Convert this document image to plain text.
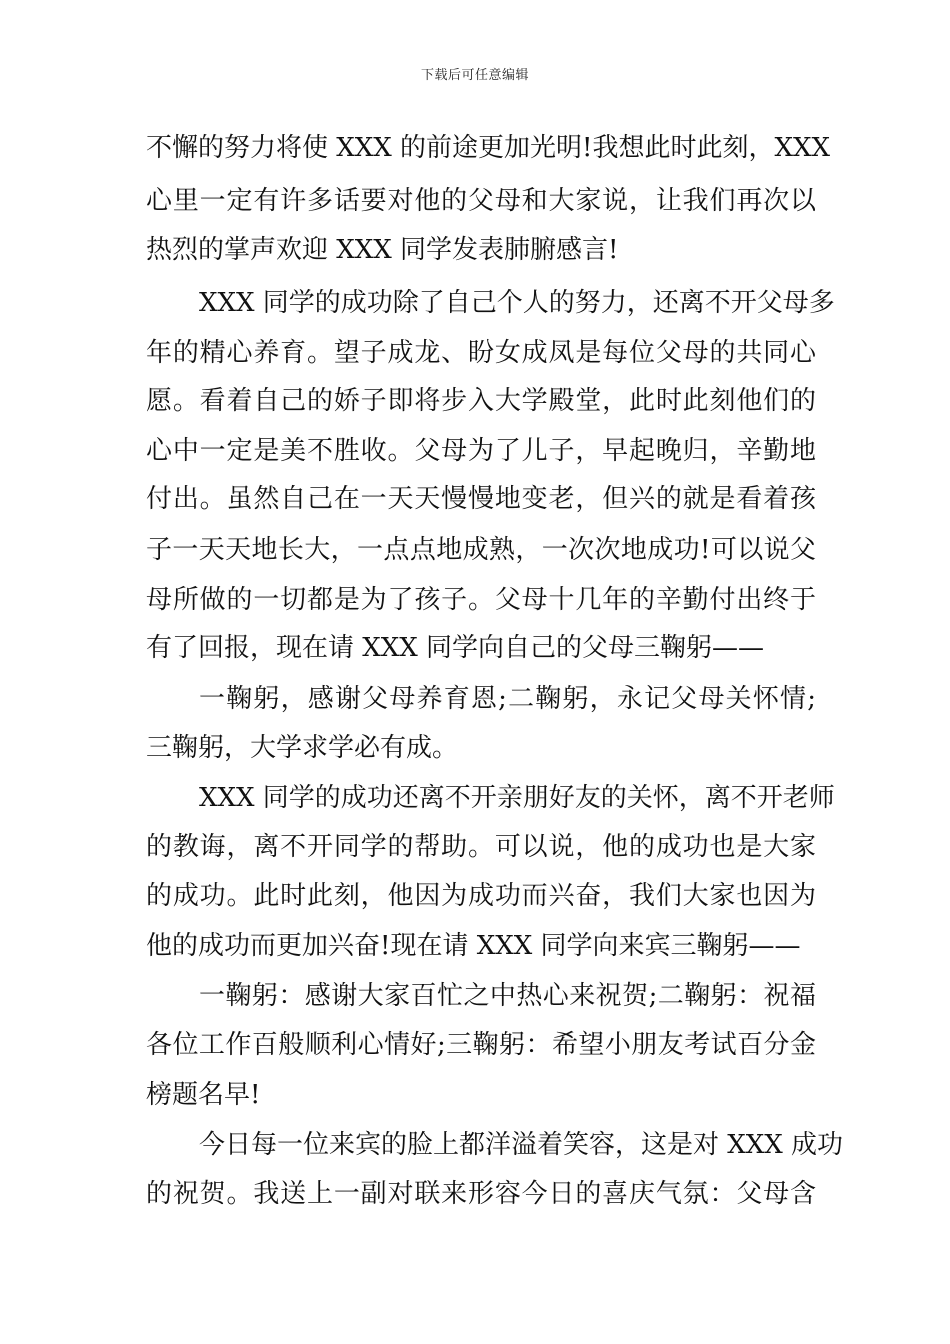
下载后可任意编辑
不懈的努力将使 XXX 的前途更加光明!我想此时此刻，XXX
心里一定有许多话要对他的父母和大家说，让我们再次以
热烈的掌声欢迎 XXX 同学发表肺腑感言!
XXX 同学的成功除了自己个人的努力，还离不开父母多
年的精心养育。望子成龙、盼女成凤是每位父母的共同心
愿。看着自己的娇子即将步入大学殿堂，此时此刻他们的
心中一定是美不胜收。父母为了儿子，早起晚归，辛勤地
付出。虽然自己在一天天慢慢地变老，但兴的就是看着孩
子一天天地长大，一点点地成熟，一次次地成功!可以说父
母所做的一切都是为了孩子。父母十几年的辛勤付出终于
有了回报，现在请 XXX 同学向自己的父母三鞠躬——
一鞠躬，感谢父母养育恩;二鞠躬，永记父母关怀情;
三鞠躬，大学求学必有成。
XXX 同学的成功还离不开亲朋好友的关怀，离不开老师
的教诲，离不开同学的帮助。可以说，他的成功也是大家
的成功。此时此刻，他因为成功而兴奋，我们大家也因为
他的成功而更加兴奋!现在请 XXX 同学向来宾三鞠躬——
一鞠躬：感谢大家百忙之中热心来祝贺;二鞠躬：祝福
各位工作百般顺利心情好;三鞠躬：希望小朋友考试百分金
榜题名早!
今日每一位来宾的脸上都洋溢着笑容，这是对 XXX 成功
的祝贺。我送上一副对联来形容今日的喜庆气氛：父母含
